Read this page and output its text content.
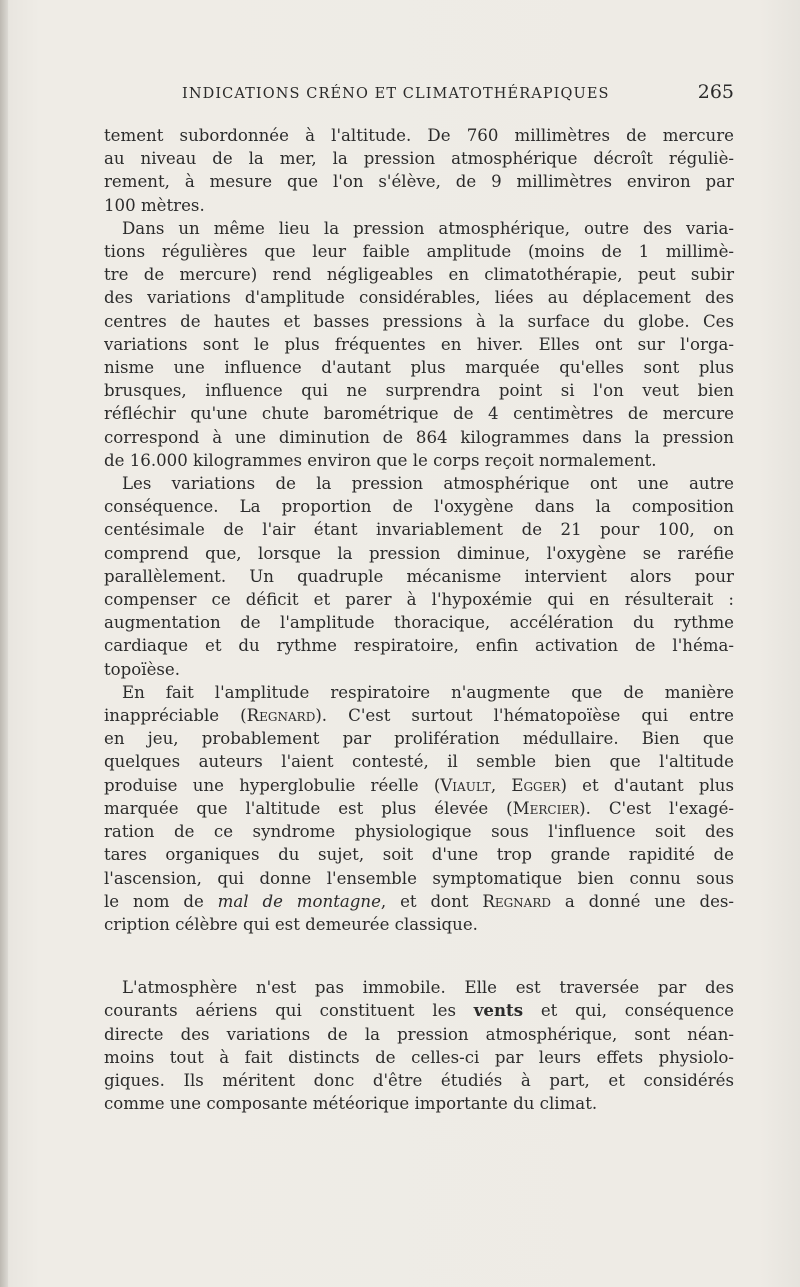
INDICATIONS CRÉNO ET CLIMATOTHÉRAPIQUES	265

tement subordonnée à l'altitude. De 760 millimètres de mercure

au niveau de la mer, la pression atmosphérique décroît réguliè-

rement, à mesure que l'on s'élève, de 9 millimètres environ par

100 mètres.

Dans un même lieu la pression atmosphérique, outre des varia-

tions régulières que leur faible amplitude (moins de 1 millimè-

tre de mercure) rend négligeables en climatothérapie, peut subir

des variations d'amplitude considérables, liées au déplacement des

centres de hautes et basses pressions à la surface du globe. Ces

variations sont le plus fréquentes en hiver. Elles ont sur l'orga-

nisme une influence d'autant plus marquée qu'elles sont plus

brusques, influence qui ne surprendra point si l'on veut bien

réfléchir qu'une chute barométrique de 4 centimètres de mercure

correspond à une diminution de 864 kilogrammes dans la pression

de 16.000 kilogrammes environ que le corps reçoit normalement.

Les variations de la pression atmosphérique ont une autre

conséquence. La proportion de l'oxygène dans la composition

centésimale de l'air étant invariablement de 21 pour 100, on

comprend que, lorsque la pression diminue, l'oxygène se raréfie

parallèlement. Un quadruple mécanisme intervient alors pour

compenser ce déficit et parer à l'hypoxémie qui en résulterait :

augmentation de l'amplitude thoracique, accélération du rythme

cardiaque et du rythme respiratoire, enfin activation de l'héma-

topoïèse.

En fait l'amplitude respiratoire n'augmente que de manière

inappréciable (Regnard). C'est surtout l'hématopoïèse qui entre

en jeu, probablement par prolifération médullaire. Bien que

quelques auteurs l'aient contesté, il semble bien que l'altitude

produise une hyperglobulie réelle (Viault, Egger) et d'autant plus

marquée que l'altitude est plus élevée (Mercier). C'est l'exagé-

ration de ce syndrome physiologique sous l'influence soit des

tares organiques du sujet, soit d'une trop grande rapidité de

l'ascension, qui donne l'ensemble symptomatique bien connu sous

le nom de mal de montagne, et dont Regnard a donné une des-

cription célèbre qui est demeurée classique.

L'atmosphère n'est pas immobile. Elle est traversée par des

courants aériens qui constituent les vents et qui, conséquence

directe des variations de la pression atmosphérique, sont néan-

moins tout à fait distincts de celles-ci par leurs effets physiolo-

giques. Ils méritent donc d'être étudiés à part, et considérés

comme une composante météorique importante du climat.
